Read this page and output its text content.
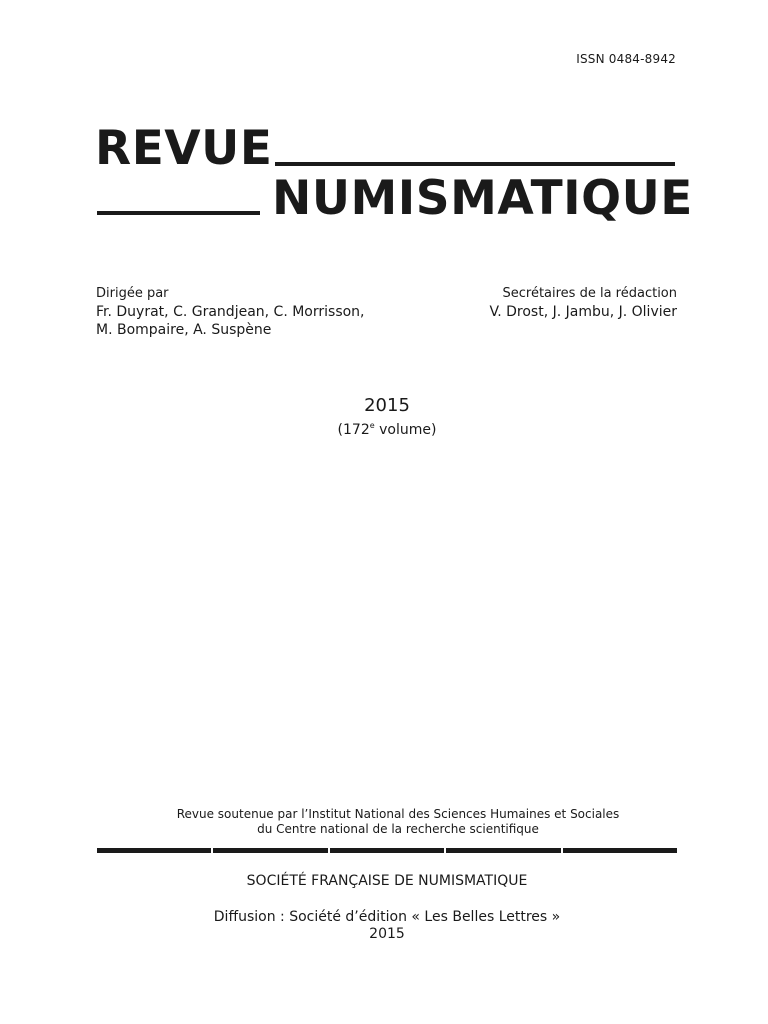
ISSN 0484-8942
REVUE
NUMISMATIQUE
Dirigée par
Fr. Duyrat, C. Grandjean, C. Morrisson,
M. Bompaire, A. Suspène
Secrétaires de la rédaction
V. Drost, J. Jambu, J. Olivier
2015
(172e volume)
Revue soutenue par l’Institut National des Sciences Humaines et Sociales
du Centre national de la recherche scientifique
SOCIÉTÉ FRANÇAISE DE NUMISMATIQUE
Diffusion : Société d’édition « Les Belles Lettres »
2015
